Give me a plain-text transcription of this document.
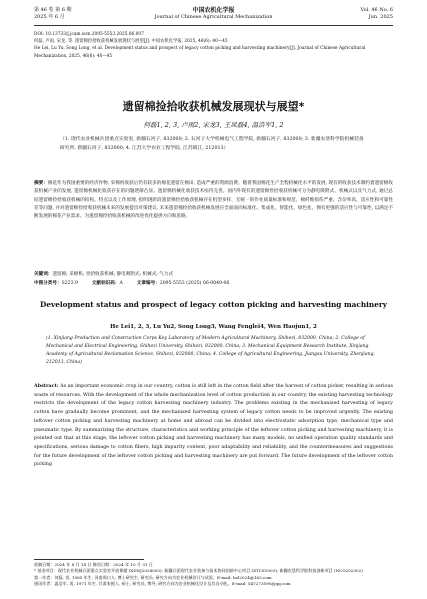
第 46 卷 第 6 期
2025 年 6 月
中国农机化学报
Journal of Chinese Agricultural Mechanization
Vol. 46 No. 6
Jun. 2025
DOI: 10.13733/j.jcam.issn.2095-5553.2025.06.007
何磊, 卢雨, 宋龙, 等. 遗留棉捡拾收获机械发展现状与展望[J]. 中国农机化学报, 2025, 46(6): 40—45
He Lei, Lu Yu, Song Long, et al. Development status and prospect of legacy cotton picking and harvesting machinery[J]. Journal of Chinese Agricultural Mechanization, 2025, 46(6): 40—45
遗留棉捡拾收获机械发展现状与展望*
何磊1, 2, 3, 卢雨2, 宋龙3, 王凤磊4, 温浩军1, 2
（1. 现代农业机械兵团重点实验室, 新疆石河子, 832000; 2. 石河子大学机械电气工程学院, 新疆石河子, 832000; 3. 新疆农垦科学院机械装备研究所, 新疆石河子, 832000; 4. 江苏大学农业工程学院, 江苏镇江, 212013）
摘要：棉花作为我国重要的经济作物, 采棉机收获后仍有较多的棉花遗留在棉田, 造成严重的资源浪费。随着我国棉花生产全程机械化水平的发展, 现有的收获技术制约着遗留棉收获机械产业的发展, 遗留棉机械化收获存在的问题逐渐凸显。遗留棉机械化收获技术亟待完善。国内外现有的遗留棉捡拾收获机械可分为静电吸附式、机械式以及气力式, 通过总结遗留棉捡拾收获机械的结构、特点以及工作原理, 指明现阶段遗留棉捡拾收获机械存在机型多样、无统一的作业质量标准和规范、棉纤维损伤严重、含杂率高、适应性和可靠性差等问题, 并对遗留棉捡拾收获机械未来的发展提出对策建议, 未来遗留棉捡拾收获机械发展应全面面向标准化、集成化、智能化、绿色化、拥有更强的适应性与可靠性, 以满足不断发展的棉花产业需求。为遗留棉捡拾收获机械的改进优化提供方向和思路。
关键词：遗留棉; 采棉机; 捡拾收获机械; 静电吸附式; 机械式; 气力式
中图分类号：S223.9	文献标识码：A	文章编号：2095-5553 (2025) 06-0040-06
Development status and prospect of legacy cotton picking and harvesting machinery
He Lei1, 2, 3, Lu Yu2, Song Long3, Wang Fenglei4, Wen Haojun1, 2
(1. Xinjiang Production and Construction Corps Key Laboratory of Modern Agricultural Machinery, Shihezi, 832000, China; 2. College of Mechanical and Electrical Engineering, Shihezi University, Shihezi, 832000, China; 3. Mechanical Equipment Research Institute, Xinjiang Academy of Agricultural Reclamation Science, Shihezi, 832000, China; 4. College of Agricultural Engineering, Jiangsu University, Zhenjiang, 212013, China)
Abstract: As an important economic crop in our country, cotton is still left in the cotton field after the harvest of cotton picker, resulting in serious waste of resources. With the development of the whole mechanization level of cotton production in our country, the existing harvesting technology restricts the development of the legacy cotton harvesting machinery industry. The problems existing in the mechanized harvesting of legacy cotton have gradually become prominent, and the mechanized harvesting system of legacy cotton needs to be improved urgently. The existing leftover cotton picking and harvesting machinery at home and abroad can be divided into electrostatic adsorption type, mechanical type and pneumatic type. By summarizing the structure, characteristics and working principle of the leftover cotton picking and harvesting machinery, it is pointed out that at this stage, the leftover cotton picking and harvesting machinery has many models, no unified operation quality standards and specifications, serious damage to cotton fibers, high impurity content, poor adaptability and reliability, and the countermeasures and suggestions for the future development of the leftover cotton picking and harvesting machinery are put forward. The future development of the leftover cotton picking
收稿日期：2024 年 8 月 14 日 修回日期：2024 年 10 月 31 日
* 基金项目：现代农业机械兵团重点实验室开放课题 (XDNJ2024005); 新疆兵团现代农业装备与技术协同创新中心项目 (XTCX1003); 新疆农垦科学院科技创新项目 (NCG202302)
第一作者：何磊, 男, 1985 年生, 河南周口人, 博士研究生, 研究员; 研究方向为农业机械设计与试验。E-mail: hel2024@163.com
通讯作者：温浩军, 男, 1971 年生, 甘肃张掖人, 硕士, 研究员, 博导; 研究方向为农业机械化设计及其自动化。E-mail: 547273590@qq.com
